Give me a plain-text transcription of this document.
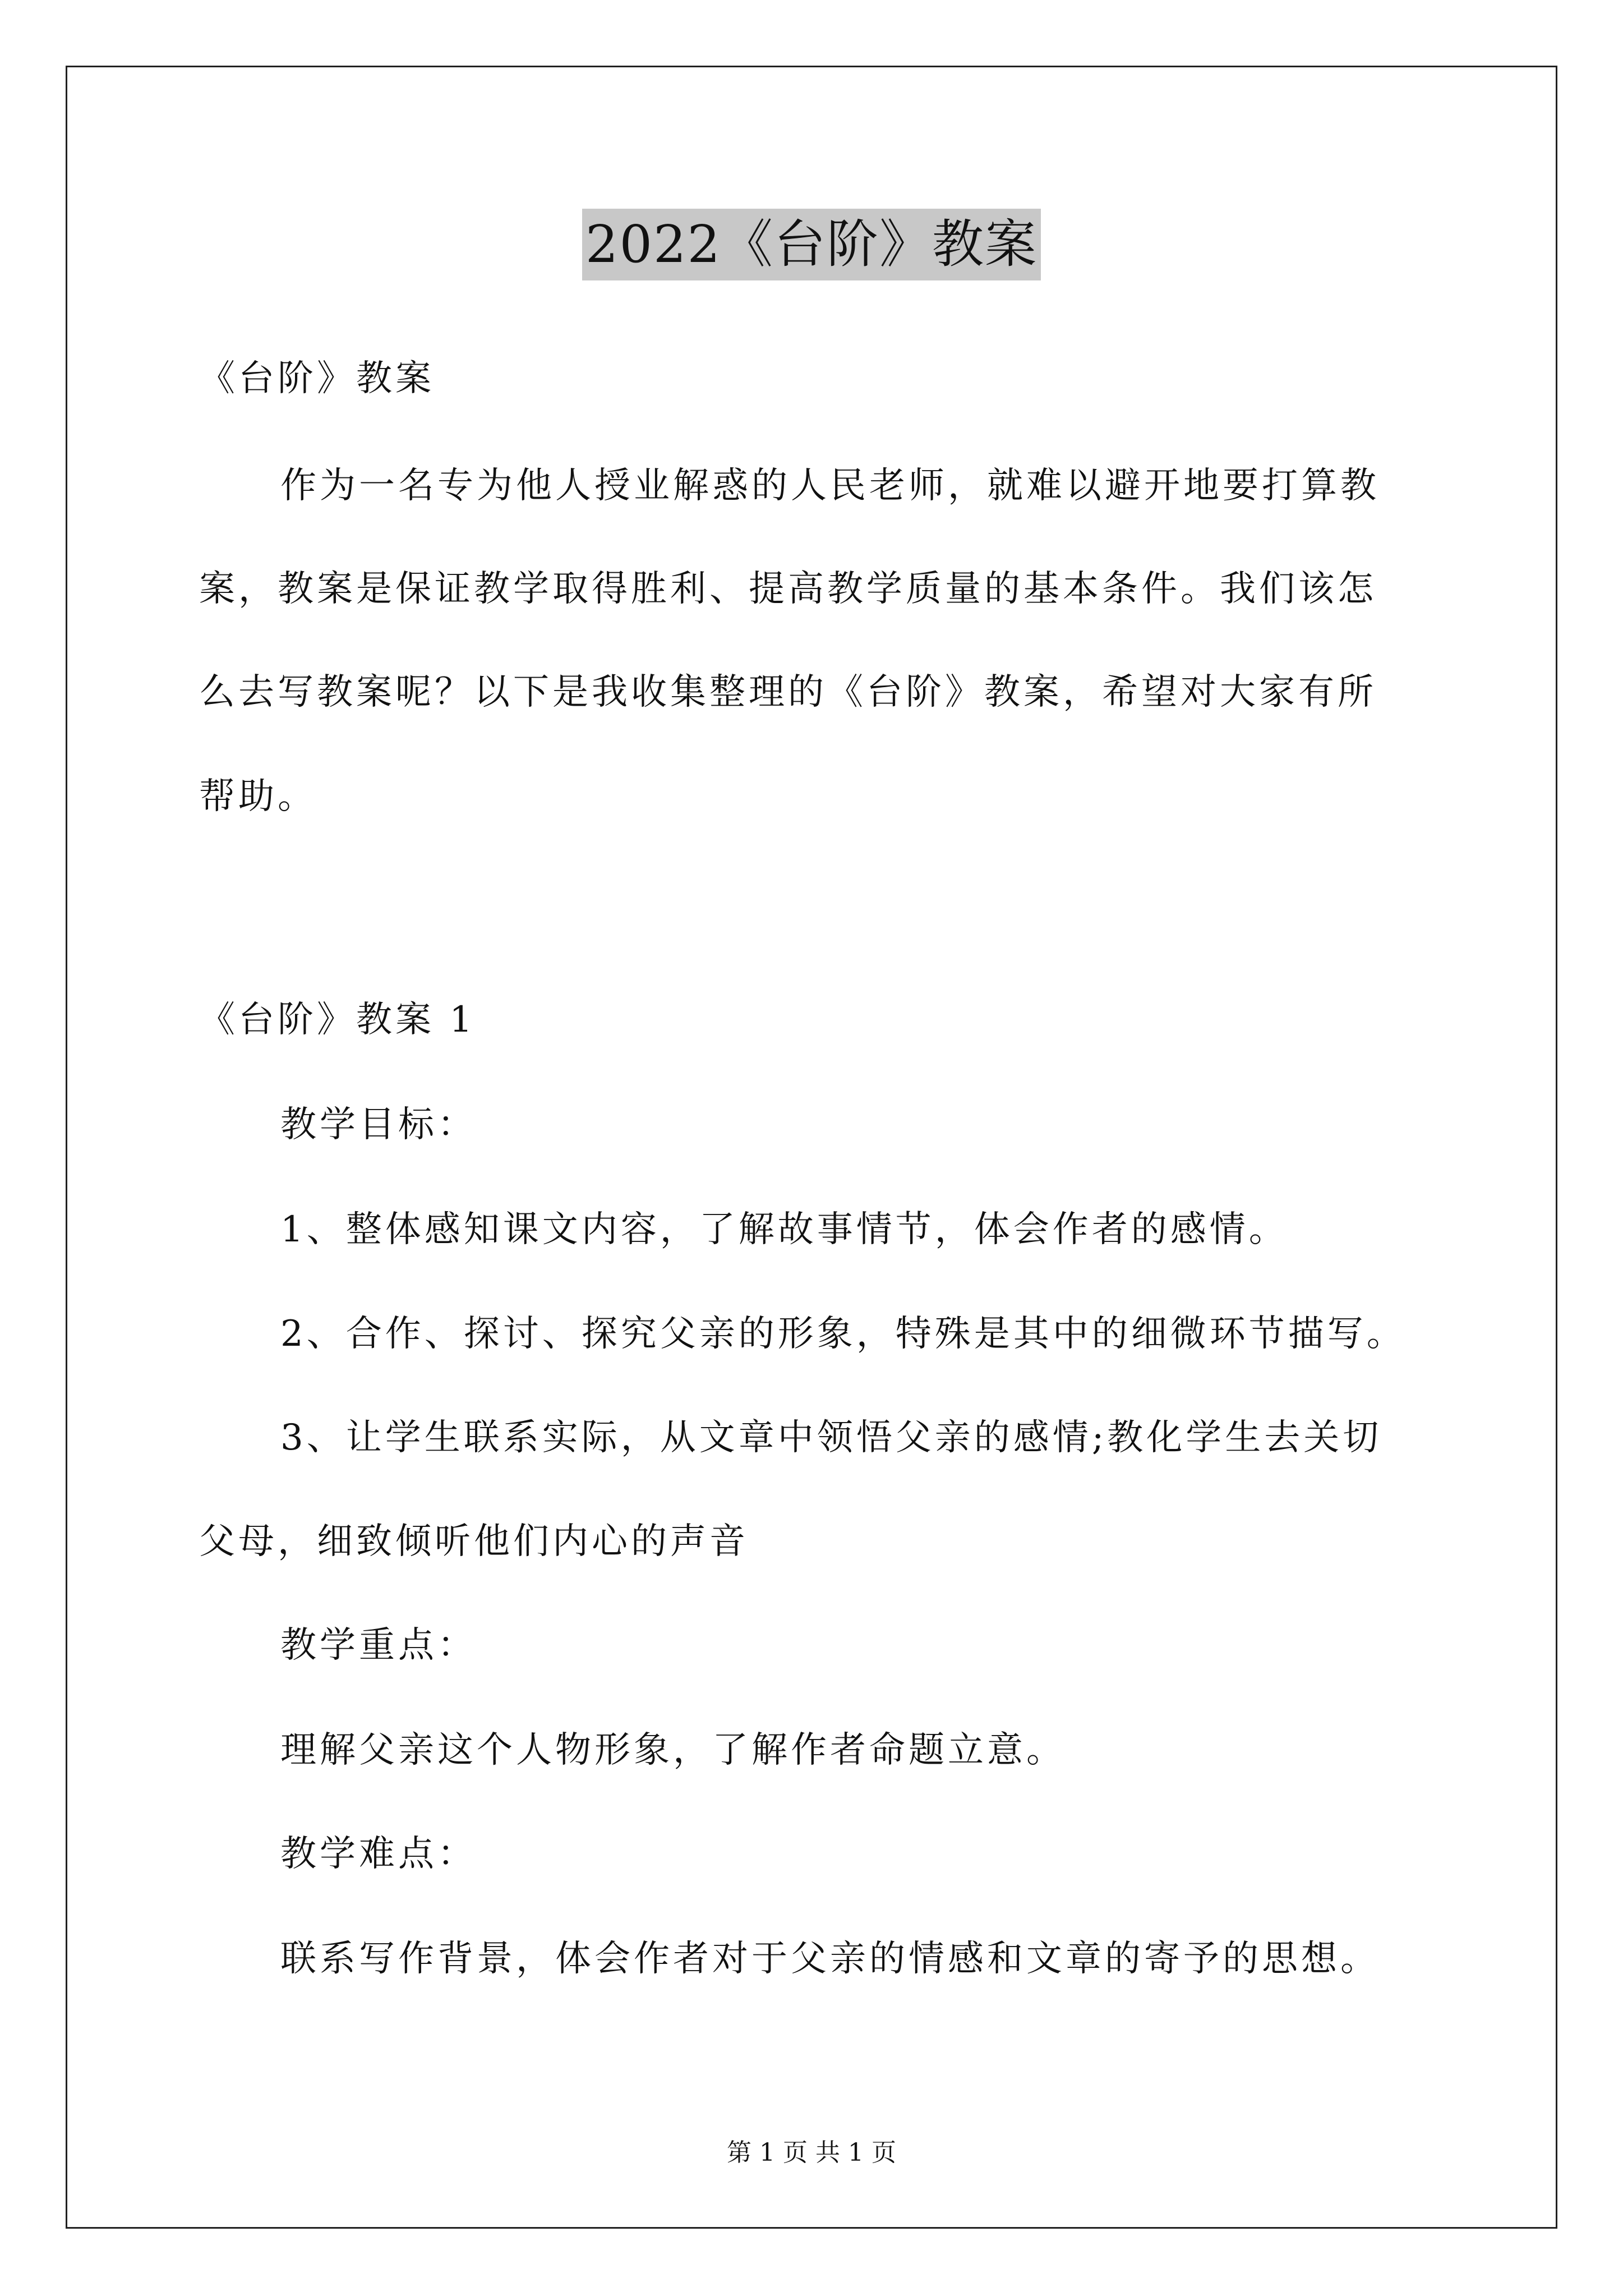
2022《台阶》教案
《台阶》教案
作为一名专为他人授业解惑的人民老师，就难以避开地要打算教
案，教案是保证教学取得胜利、提高教学质量的基本条件。我们该怎
么去写教案呢？以下是我收集整理的《台阶》教案，希望对大家有所
帮助。
《台阶》教案 1
教学目标：
1、整体感知课文内容，了解故事情节，体会作者的感情。
2、合作、探讨、探究父亲的形象，特殊是其中的细微环节描写。
3、让学生联系实际，从文章中领悟父亲的感情;教化学生去关切
父母，细致倾听他们内心的声音
教学重点：
理解父亲这个人物形象，了解作者命题立意。
教学难点：
联系写作背景，体会作者对于父亲的情感和文章的寄予的思想。
第 1 页 共 1 页
